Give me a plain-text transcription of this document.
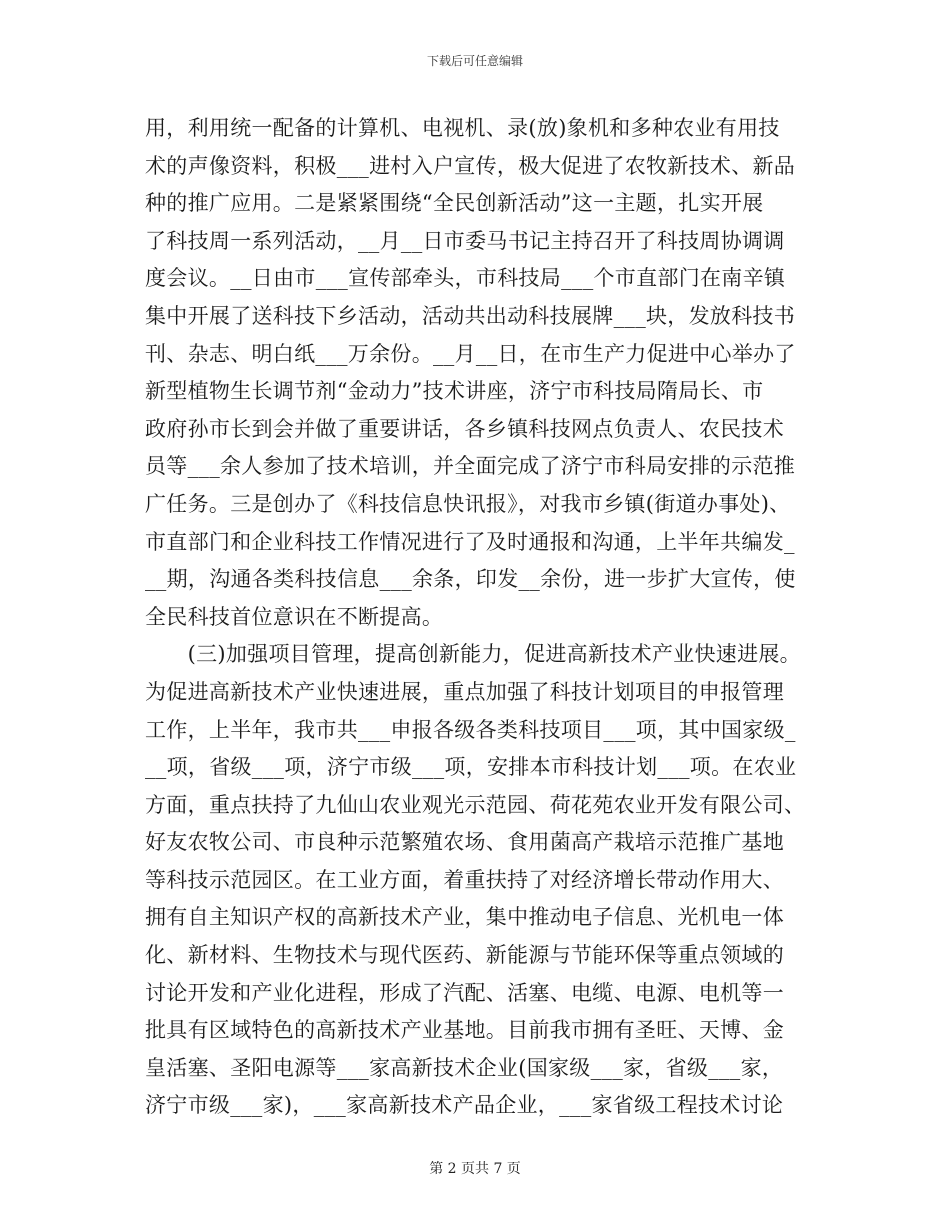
下载后可任意编辑
用，利用统一配备的计算机、电视机、录(放)象机和多种农业有用技
术的声像资料，积极___进村入户宣传，极大促进了农牧新技术、新品
种的推广应用。二是紧紧围绕“全民创新活动”这一主题，扎实开展
了科技周一系列活动，__月__日市委马书记主持召开了科技周协调调
度会议。__日由市___宣传部牵头，市科技局___个市直部门在南辛镇
集中开展了送科技下乡活动，活动共出动科技展牌___块，发放科技书
刊、杂志、明白纸___万余份。__月__日，在市生产力促进中心举办了
新型植物生长调节剂“金动力”技术讲座，济宁市科技局隋局长、市
政府孙市长到会并做了重要讲话，各乡镇科技网点负责人、农民技术
员等___余人参加了技术培训，并全面完成了济宁市科局安排的示范推
广任务。三是创办了《科技信息快讯报》，对我市乡镇(街道办事处)、
市直部门和企业科技工作情况进行了及时通报和沟通，上半年共编发_
__期，沟通各类科技信息___余条，印发__余份，进一步扩大宣传，使
全民科技首位意识在不断提高。
　　(三)加强项目管理，提高创新能力，促进高新技术产业快速进展。
为促进高新技术产业快速进展，重点加强了科技计划项目的申报管理
工作，上半年，我市共___申报各级各类科技项目___项，其中国家级_
__项，省级___项，济宁市级___项，安排本市科技计划___项。在农业
方面，重点扶持了九仙山农业观光示范园、荷花苑农业开发有限公司、
好友农牧公司、市良种示范繁殖农场、食用菌高产栽培示范推广基地
等科技示范园区。在工业方面，着重扶持了对经济增长带动作用大、
拥有自主知识产权的高新技术产业，集中推动电子信息、光机电一体
化、新材料、生物技术与现代医药、新能源与节能环保等重点领域的
讨论开发和产业化进程，形成了汽配、活塞、电缆、电源、电机等一
批具有区域特色的高新技术产业基地。目前我市拥有圣旺、天博、金
皇活塞、圣阳电源等___家高新技术企业(国家级___家，省级___家，
济宁市级___家)，___家高新技术产品企业，___家省级工程技术讨论
第 2 页共 7 页
